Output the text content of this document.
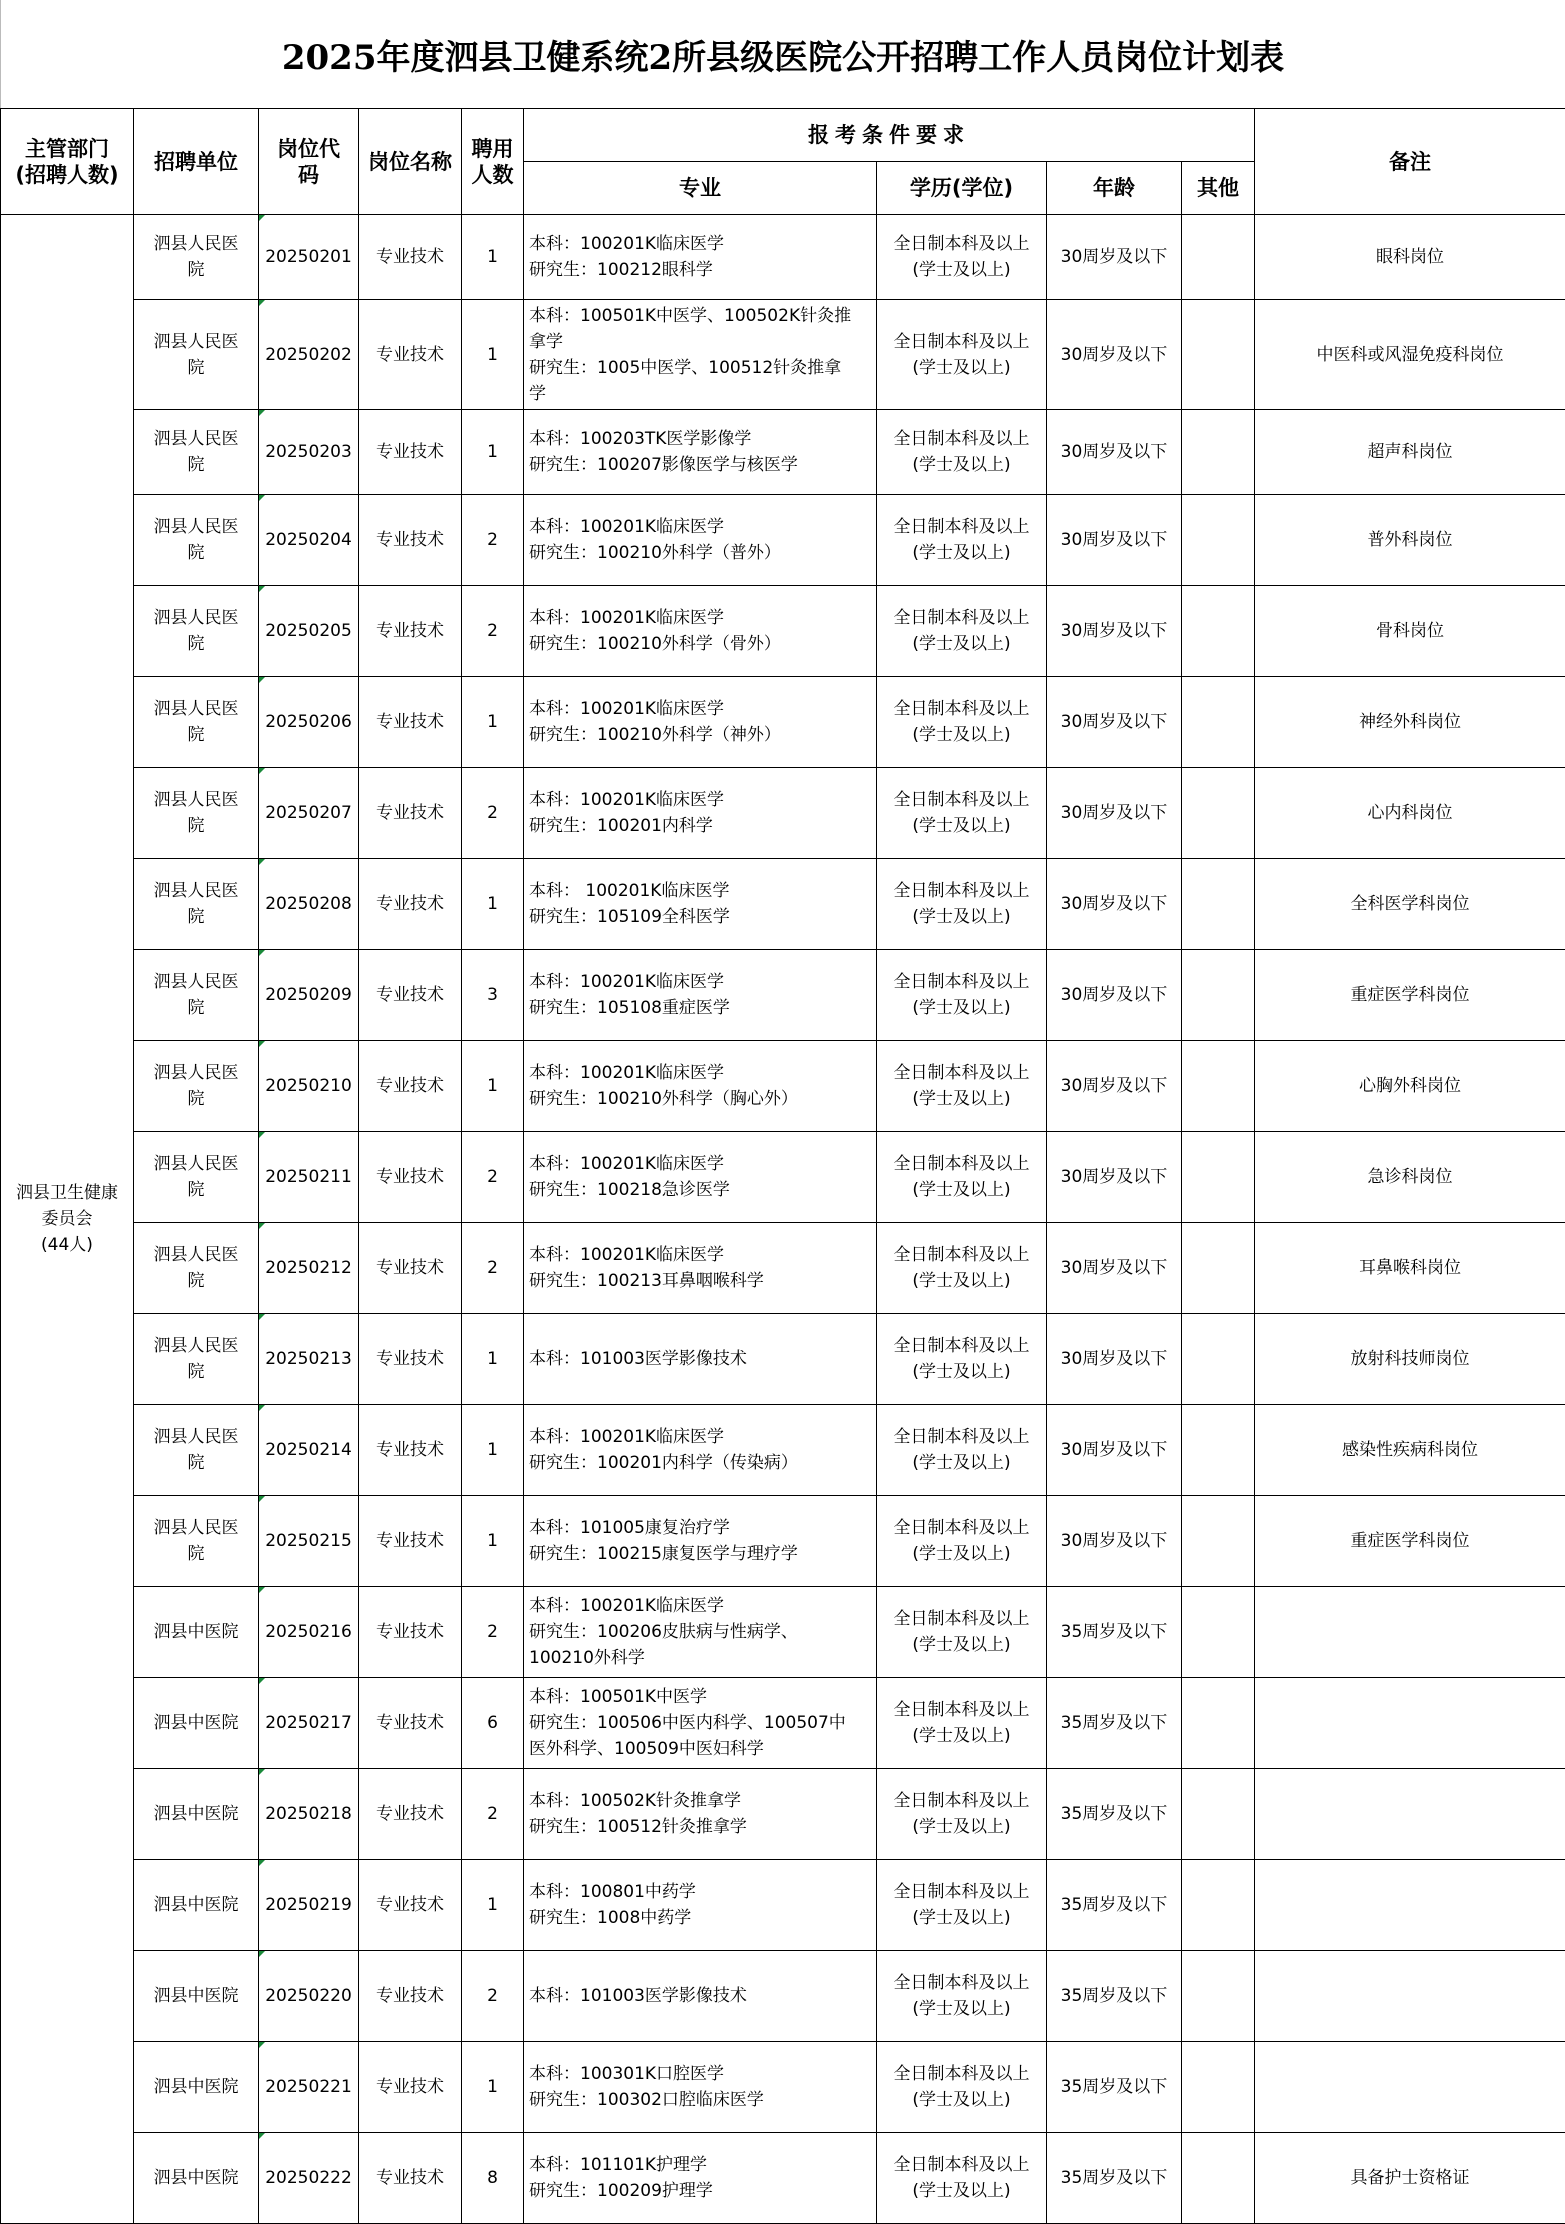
2025年度泗县卫健系统2所县级医院公开招聘工作人员岗位计划表
主管部门
(招聘人数)	招聘单位	岗位代
码	岗位名称	聘用
人数	报考条件要求				备注
					专业	学历(学位)	年龄	其他	

泗县卫生健康
委员会
(44人)	泗县人民医
院	20250201	专业技术	1	本科：100201K临床医学
研究生：100212眼科学	全日制本科及以上
(学士及以上)	30周岁及以下		眼科岗位

	泗县人民医
院	20250202	专业技术	1	本科：100501K中医学、100502K针灸推
拿学
研究生：1005中医学、100512针灸推拿
学	全日制本科及以上
(学士及以上)	30周岁及以下		中医科或风湿免疫科岗位

	泗县人民医
院	20250203	专业技术	1	本科：100203TK医学影像学
研究生：100207影像医学与核医学	全日制本科及以上
(学士及以上)	30周岁及以下		超声科岗位

	泗县人民医
院	20250204	专业技术	2	本科：100201K临床医学
研究生：100210外科学（普外）	全日制本科及以上
(学士及以上)	30周岁及以下		普外科岗位

	泗县人民医
院	20250205	专业技术	2	本科：100201K临床医学
研究生：100210外科学（骨外）	全日制本科及以上
(学士及以上)	30周岁及以下		骨科岗位

	泗县人民医
院	20250206	专业技术	1	本科：100201K临床医学
研究生：100210外科学（神外）	全日制本科及以上
(学士及以上)	30周岁及以下		神经外科岗位

	泗县人民医
院	20250207	专业技术	2	本科：100201K临床医学
研究生：100201内科学	全日制本科及以上
(学士及以上)	30周岁及以下		心内科岗位

	泗县人民医
院	20250208	专业技术	1	本科： 100201K临床医学
研究生：105109全科医学	全日制本科及以上
(学士及以上)	30周岁及以下		全科医学科岗位

	泗县人民医
院	20250209	专业技术	3	本科：100201K临床医学
研究生：105108重症医学	全日制本科及以上
(学士及以上)	30周岁及以下		重症医学科岗位

	泗县人民医
院	20250210	专业技术	1	本科：100201K临床医学
研究生：100210外科学（胸心外）	全日制本科及以上
(学士及以上)	30周岁及以下		心胸外科岗位

	泗县人民医
院	20250211	专业技术	2	本科：100201K临床医学
研究生：100218急诊医学	全日制本科及以上
(学士及以上)	30周岁及以下		急诊科岗位

	泗县人民医
院	20250212	专业技术	2	本科：100201K临床医学
研究生：100213耳鼻咽喉科学	全日制本科及以上
(学士及以上)	30周岁及以下		耳鼻喉科岗位

	泗县人民医
院	20250213	专业技术	1	本科：101003医学影像技术	全日制本科及以上
(学士及以上)	30周岁及以下		放射科技师岗位

	泗县人民医
院	20250214	专业技术	1	本科：100201K临床医学
研究生：100201内科学（传染病）	全日制本科及以上
(学士及以上)	30周岁及以下		感染性疾病科岗位

	泗县人民医
院	20250215	专业技术	1	本科：101005康复治疗学
研究生：100215康复医学与理疗学	全日制本科及以上
(学士及以上)	30周岁及以下		重症医学科岗位

	泗县中医院	20250216	专业技术	2	本科：100201K临床医学
研究生：100206皮肤病与性病学、
100210外科学	全日制本科及以上
(学士及以上)	35周岁及以下		

	泗县中医院	20250217	专业技术	6	本科：100501K中医学
研究生：100506中医内科学、100507中
医外科学、100509中医妇科学	全日制本科及以上
(学士及以上)	35周岁及以下		

	泗县中医院	20250218	专业技术	2	本科：100502K针灸推拿学
研究生：100512针灸推拿学	全日制本科及以上
(学士及以上)	35周岁及以下		

	泗县中医院	20250219	专业技术	1	本科：100801中药学
研究生：1008中药学	全日制本科及以上
(学士及以上)	35周岁及以下		

	泗县中医院	20250220	专业技术	2	本科：101003医学影像技术	全日制本科及以上
(学士及以上)	35周岁及以下		

	泗县中医院	20250221	专业技术	1	本科：100301K口腔医学
研究生：100302口腔临床医学	全日制本科及以上
(学士及以上)	35周岁及以下		

	泗县中医院	20250222	专业技术	8	本科：101101K护理学
研究生：100209护理学	全日制本科及以上
(学士及以上)	35周岁及以下		具备护士资格证
